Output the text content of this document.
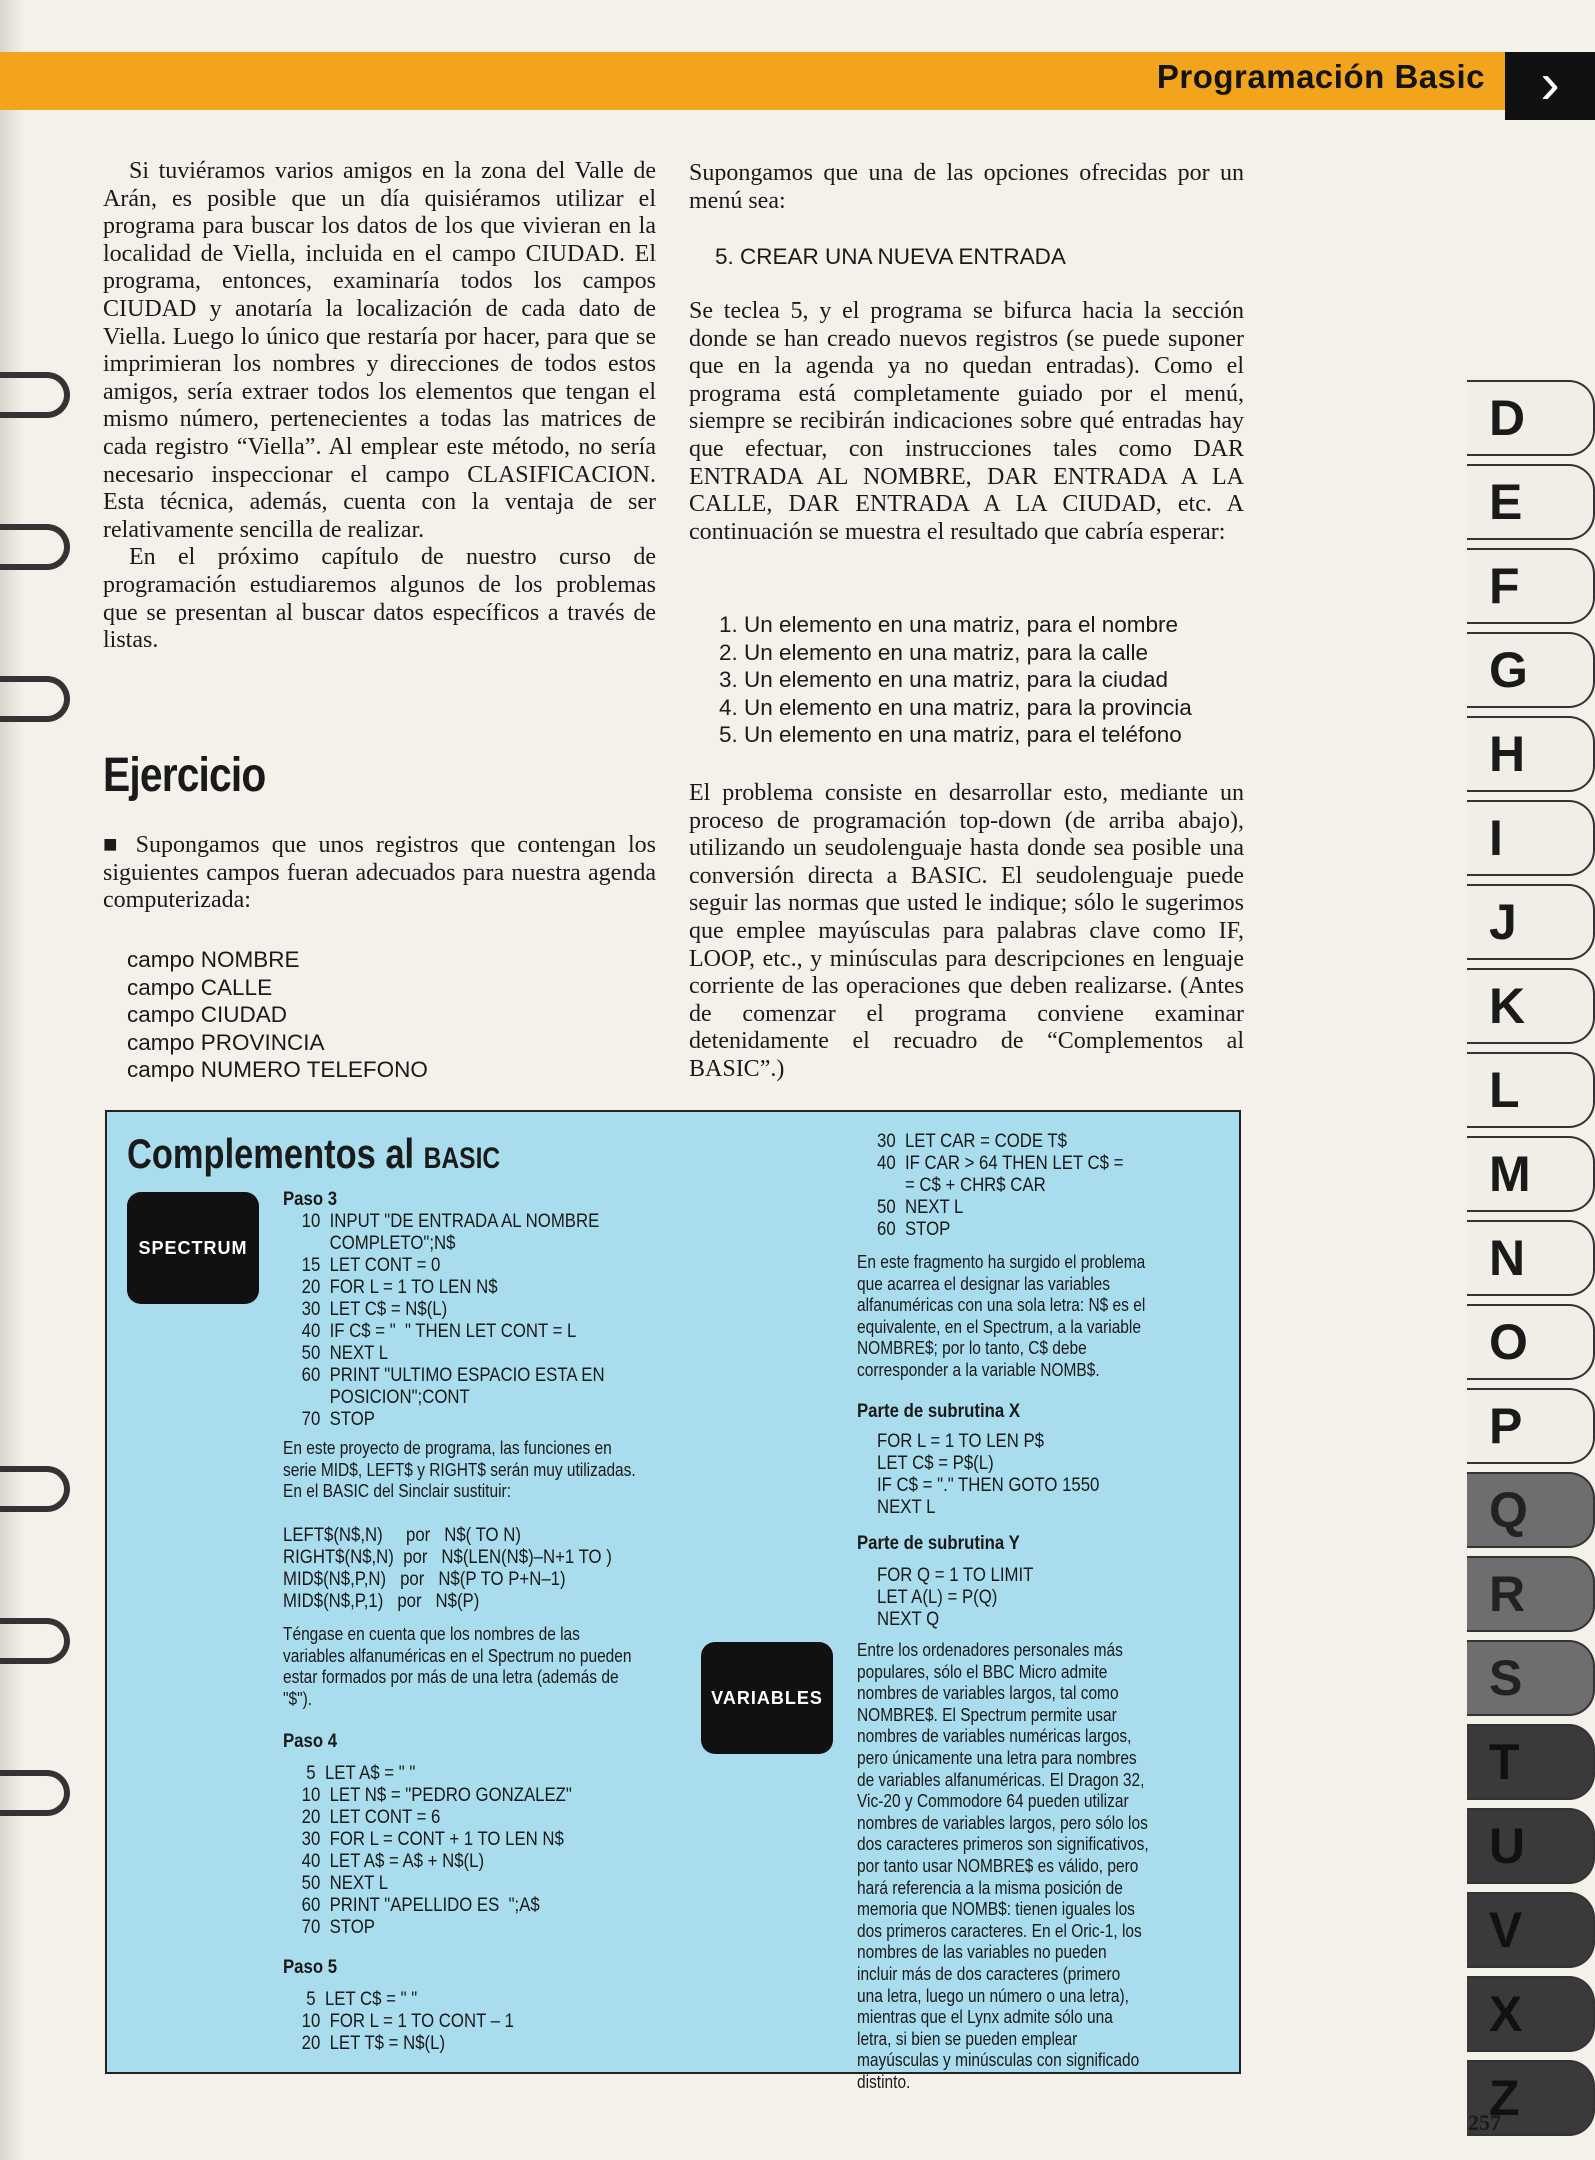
Programación Basic ›

Si tuviéramos varios amigos en la zona del Valle de Arán, es posible que un día quisiéramos utilizar el programa para buscar los datos de los que vivieran en la localidad de Viella, incluida en el campo CIUDAD. El programa, entonces, examinaría todos los campos CIUDAD y anotaría la localización de cada dato de Viella. Luego lo único que restaría por hacer, para que se imprimieran los nombres y direcciones de todos estos amigos, sería extraer todos los elementos que tengan el mismo número, pertenecientes a todas las matrices de cada registro “Viella”. Al emplear este método, no sería necesario inspeccionar el campo CLASIFICACION. Esta técnica, además, cuenta con la ventaja de ser relativamente sencilla de realizar.

En el próximo capítulo de nuestro curso de programación estudiaremos algunos de los problemas que se presentan al buscar datos específicos a través de listas.

Ejercicio

■ Supongamos que unos registros que contengan los siguientes campos fueran adecuados para nuestra agenda computerizada:

campo NOMBRE
campo CALLE
campo CIUDAD
campo PROVINCIA
campo NUMERO TELEFONO

Supongamos que una de las opciones ofrecidas por un menú sea:

5. CREAR UNA NUEVA ENTRADA

Se teclea 5, y el programa se bifurca hacia la sección donde se han creado nuevos registros (se puede suponer que en la agenda ya no quedan entradas). Como el programa está completamente guiado por el menú, siempre se recibirán indicaciones sobre qué entradas hay que efectuar, con instrucciones tales como DAR ENTRADA AL NOMBRE, DAR ENTRADA A LA CALLE, DAR ENTRADA A LA CIUDAD, etc. A continuación se muestra el resultado que cabría esperar:

1. Un elemento en una matriz, para el nombre
2. Un elemento en una matriz, para la calle
3. Un elemento en una matriz, para la ciudad
4. Un elemento en una matriz, para la provincia
5. Un elemento en una matriz, para el teléfono

El problema consiste en desarrollar esto, mediante un proceso de programación top-down (de arriba abajo), utilizando un seudolenguaje hasta donde sea posible una conversión directa a BASIC. El seudolenguaje puede seguir las normas que usted le indique; sólo le sugerimos que emplee mayúsculas para palabras clave como IF, LOOP, etc., y minúsculas para descripciones en lenguaje corriente de las operaciones que deben realizarse. (Antes de comenzar el programa conviene examinar detenidamente el recuadro de “Complementos al BASIC”.)

Complementos al BASIC
SPECTRUM
VARIABLES
Paso 3
10  INPUT "DE ENTRADA AL NOMBRE
COMPLETO";N$
15  LET CONT = 0
20  FOR L = 1 TO LEN N$
30  LET C$ = N$(L)
40  IF C$ = "  " THEN LET CONT = L
50  NEXT L
60  PRINT "ULTIMO ESPACIO ESTA EN
POSICION";CONT
70  STOP
En este proyecto de programa, las funciones en serie MID$, LEFT$ y RIGHT$ serán muy utilizadas. En el BASIC del Sinclair sustituir:
LEFT$(N$,N)     por   N$( TO N)
RIGHT$(N$,N)  por   N$(LEN(N$)–N+1 TO )
MID$(N$,P,N)   por   N$(P TO P+N–1)
MID$(N$,P,1)   por   N$(P)
Téngase en cuenta que los nombres de las variables alfanuméricas en el Spectrum no pueden estar formados por más de una letra (además de "$").
Paso 4
5  LET A$ = " "
10  LET N$ = "PEDRO GONZALEZ"
20  LET CONT = 6
30  FOR L = CONT + 1 TO LEN N$
40  LET A$ = A$ + N$(L)
50  NEXT L
60  PRINT "APELLIDO ES  ";A$
70  STOP
Paso 5
5  LET C$ = " "
10  FOR L = 1 TO CONT – 1
20  LET T$ = N$(L)
30  LET CAR = CODE T$
40  IF CAR > 64 THEN LET C$ =
= C$ + CHR$ CAR
50  NEXT L
60  STOP
En este fragmento ha surgido el problema que acarrea el designar las variables alfanuméricas con una sola letra: N$ es el equivalente, en el Spectrum, a la variable NOMBRE$; por lo tanto, C$ debe corresponder a la variable NOMB$.
Parte de subrutina X
FOR L = 1 TO LEN P$
LET C$ = P$(L)
IF C$ = "." THEN GOTO 1550
NEXT L
Parte de subrutina Y
FOR Q = 1 TO LIMIT
LET A(L) = P(Q)
NEXT Q
Entre los ordenadores personales más populares, sólo el BBC Micro admite nombres de variables largos, tal como NOMBRE$. El Spectrum permite usar nombres de variables numéricas largos, pero únicamente una letra para nombres de variables alfanuméricas. El Dragon 32, Vic-20 y Commodore 64 pueden utilizar nombres de variables largos, pero sólo los dos caracteres primeros son significativos, por tanto usar NOMBRE$ es válido, pero hará referencia a la misma posición de memoria que NOMB$: tienen iguales los dos primeros caracteres. En el Oric-1, los nombres de las variables no pueden incluir más de dos caracteres (primero una letra, luego un número o una letra), mientras que el Lynx admite sólo una letra, si bien se pueden emplear mayúsculas y minúsculas con significado distinto.
D
E
F
G
H
I
J
K
L
M
N
O
P
Q
R
S
T
U
V
X
Z
257
